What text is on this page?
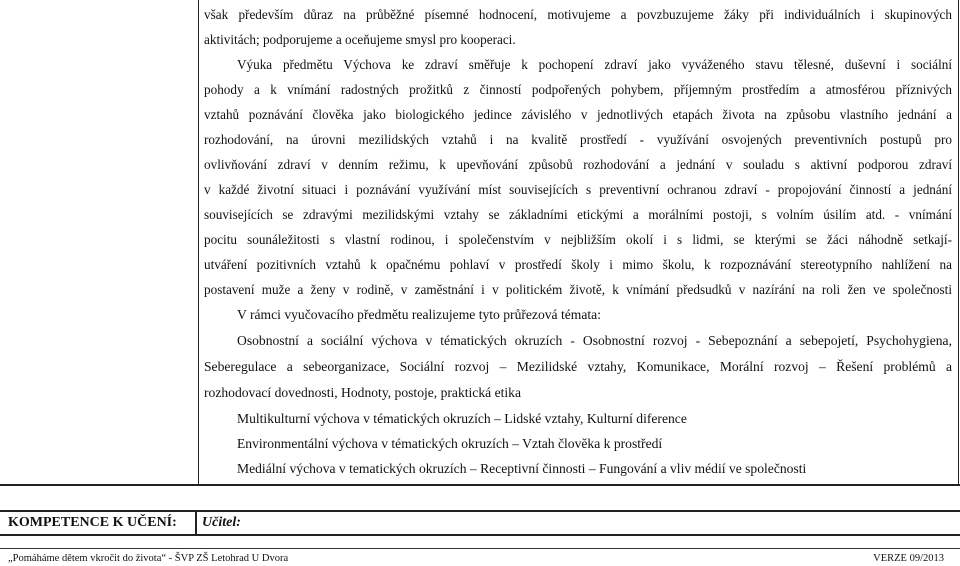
však především důraz na průběžné písemné hodnocení, motivujeme a povzbuzujeme žáky při individuálních i skupinových
aktivitách; podporujeme a oceňujeme smysl pro kooperaci.
Výuka předmětu Výchova ke zdraví směřuje k pochopení zdraví jako vyváženého stavu tělesné, duševní i sociální
pohody a k vnímání radostných prožitků z činností podpořených pohybem, příjemným prostředím a atmosférou příznivých
vztahů poznávání člověka jako biologického jedince závislého v jednotlivých etapách života na způsobu vlastního jednání a
rozhodování, na úrovni mezilidských vztahů i na kvalitě prostředí - využívání osvojených preventivních postupů pro
ovlivňování zdraví v denním režimu, k upevňování způsobů rozhodování a jednání v souladu s aktivní podporou zdraví
v každé životní situaci i poznávání využívání míst souvisejících s preventivní ochranou zdraví - propojování činností a jednání
souvisejících se zdravými mezilidskými vztahy se základními etickými a morálními postoji, s volním úsilím atd. - vnímání
pocitu sounáležitosti s vlastní rodinou, i společenstvím v nejbližším okolí i s lidmi, se kterými se žáci náhodně setkají-
utváření pozitivních vztahů k opačnému pohlaví v prostředí školy i mimo školu, k rozpoznávání stereotypního nahlížení na
postavení muže a ženy v rodině, v zaměstnání i v politickém životě, k vnímání předsudků v nazírání na roli žen ve společnosti
V rámci vyučovacího předmětu realizujeme tyto průřezová témata:
Osobnostní a sociální výchova v tématických okruzích - Osobnostní rozvoj - Sebepoznání a sebepojetí, Psychohygiena,
Seberegulace a sebeorganizace, Sociální rozvoj – Mezilidské vztahy, Komunikace, Morální rozvoj – Řešení problémů a
rozhodovací dovednosti, Hodnoty, postoje, praktická etika
Multikulturní výchova v tématických okruzích – Lidské vztahy, Kulturní diference
Environmentální výchova v tématických okruzích – Vztah člověka k prostředí
Mediální výchova v tematických okruzích – Receptivní činnosti – Fungování a vliv médií ve společnosti
KOMPETENCE K UČENÍ: Učitel:
„Pomáháme dětem vkročit do života“ - ŠVP ZŠ Letohrad U Dvora	VERZE 09/2013
